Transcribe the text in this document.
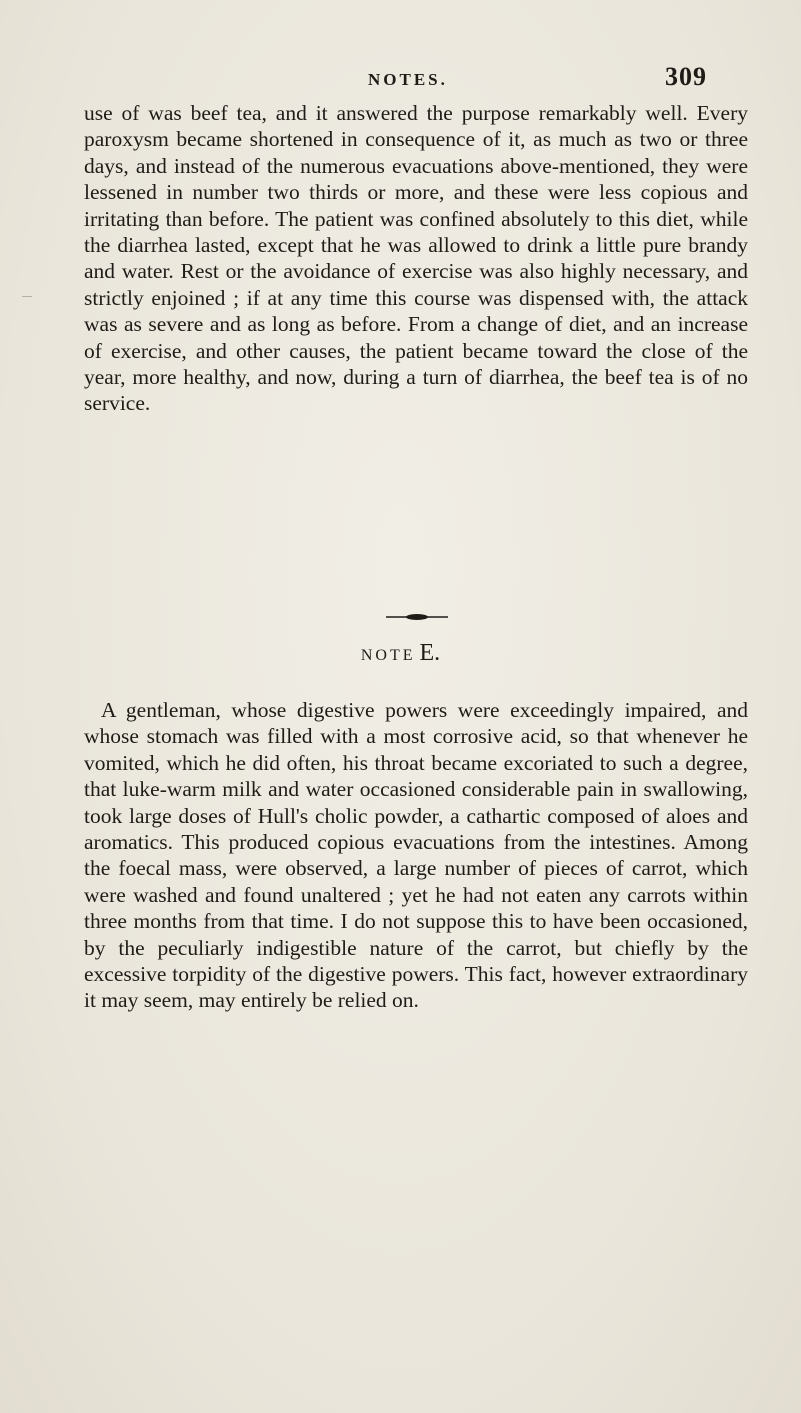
NOTES.	309

use of was beef tea, and it answered the purpose remarkably well. Every paroxysm became shortened in consequence of it, as much as two or three days, and instead of the numerous evacuations above-mentioned, they were lessened in number two thirds or more, and these were less copious and irritating than before. The patient was confined absolutely to this diet, while the diarrhea lasted, except that he was allowed to drink a little pure brandy and water. Rest or the avoidance of exercise was also highly necessary, and strictly enjoined ; if at any time this course was dispensed with, the attack was as severe and as long as before. From a change of diet, and an increase of exercise, and other causes, the patient became toward the close of the year, more healthy, and now, during a turn of diarrhea, the beef tea is of no service.

NOTE E.

A gentleman, whose digestive powers were exceedingly impaired, and whose stomach was filled with a most corrosive acid, so that whenever he vomited, which he did often, his throat became excoriated to such a degree, that luke-warm milk and water occasioned considerable pain in swallowing, took large doses of Hull's cholic powder, a cathartic composed of aloes and aromatics. This produced copious evacuations from the intestines. Among the foecal mass, were observed, a large number of pieces of carrot, which were washed and found unaltered ; yet he had not eaten any carrots within three months from that time. I do not suppose this to have been occasioned, by the peculiarly indigestible nature of the carrot, but chiefly by the excessive torpidity of the digestive powers. This fact, however extraordinary it may seem, may entirely be relied on.
